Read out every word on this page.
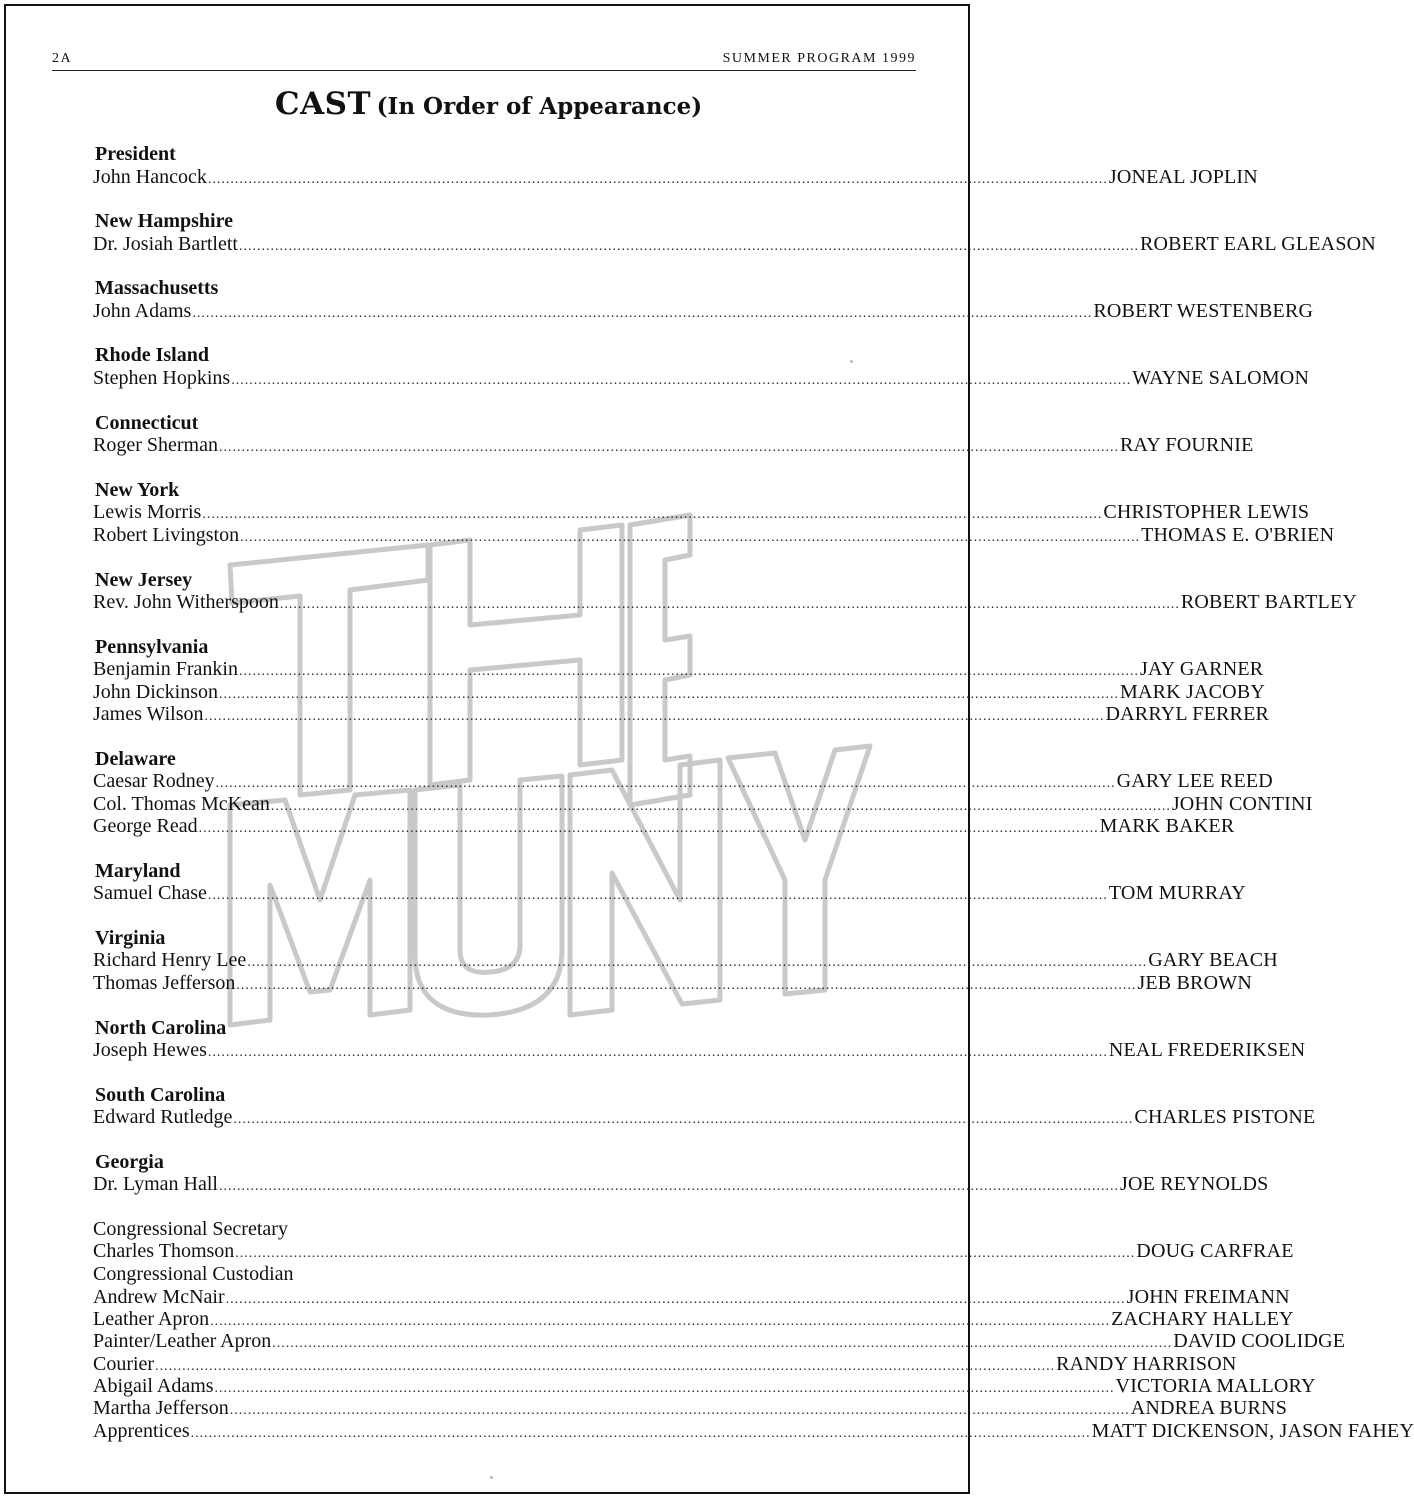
2A	SUMMER PROGRAM 1999
CAST (In Order of Appearance)
President
John Hancock ........................................................................................................................................................................................................ JONEAL JOPLIN
New Hampshire
Dr. Josiah Bartlett ........................................................................................................................................................................................................ ROBERT EARL GLEASON
Massachusetts
John Adams ........................................................................................................................................................................................................ ROBERT WESTENBERG
Rhode Island
Stephen Hopkins ........................................................................................................................................................................................................ WAYNE SALOMON
Connecticut
Roger Sherman ........................................................................................................................................................................................................ RAY FOURNIE
New York
Lewis Morris ........................................................................................................................................................................................................ CHRISTOPHER LEWIS
Robert Livingston ........................................................................................................................................................................................................ THOMAS E. O'BRIEN
New Jersey
Rev. John Witherspoon ........................................................................................................................................................................................................ ROBERT BARTLEY
Pennsylvania
Benjamin Frankin ........................................................................................................................................................................................................ JAY GARNER
John Dickinson ........................................................................................................................................................................................................ MARK JACOBY
James Wilson ........................................................................................................................................................................................................ DARRYL FERRER
Delaware
Caesar Rodney ........................................................................................................................................................................................................ GARY LEE REED
Col. Thomas McKean ........................................................................................................................................................................................................ JOHN CONTINI
George Read ........................................................................................................................................................................................................ MARK BAKER
Maryland
Samuel Chase ........................................................................................................................................................................................................ TOM MURRAY
Virginia
Richard Henry Lee ........................................................................................................................................................................................................ GARY BEACH
Thomas Jefferson ........................................................................................................................................................................................................ JEB BROWN
North Carolina
Joseph Hewes ........................................................................................................................................................................................................ NEAL FREDERIKSEN
South Carolina
Edward Rutledge ........................................................................................................................................................................................................ CHARLES PISTONE
Georgia
Dr. Lyman Hall ........................................................................................................................................................................................................ JOE REYNOLDS
Congressional Secretary
Charles Thomson ........................................................................................................................................................................................................ DOUG CARFRAE
Congressional Custodian
Andrew McNair ........................................................................................................................................................................................................ JOHN FREIMANN
Leather Apron ........................................................................................................................................................................................................ ZACHARY HALLEY
Painter/Leather Apron ........................................................................................................................................................................................................ DAVID COOLIDGE
Courier ........................................................................................................................................................................................................ RANDY HARRISON
Abigail Adams ........................................................................................................................................................................................................ VICTORIA MALLORY
Martha Jefferson ........................................................................................................................................................................................................ ANDREA BURNS
Apprentices ........................................................................................................................................................................................................ MATT DICKENSON, JASON FAHEY
